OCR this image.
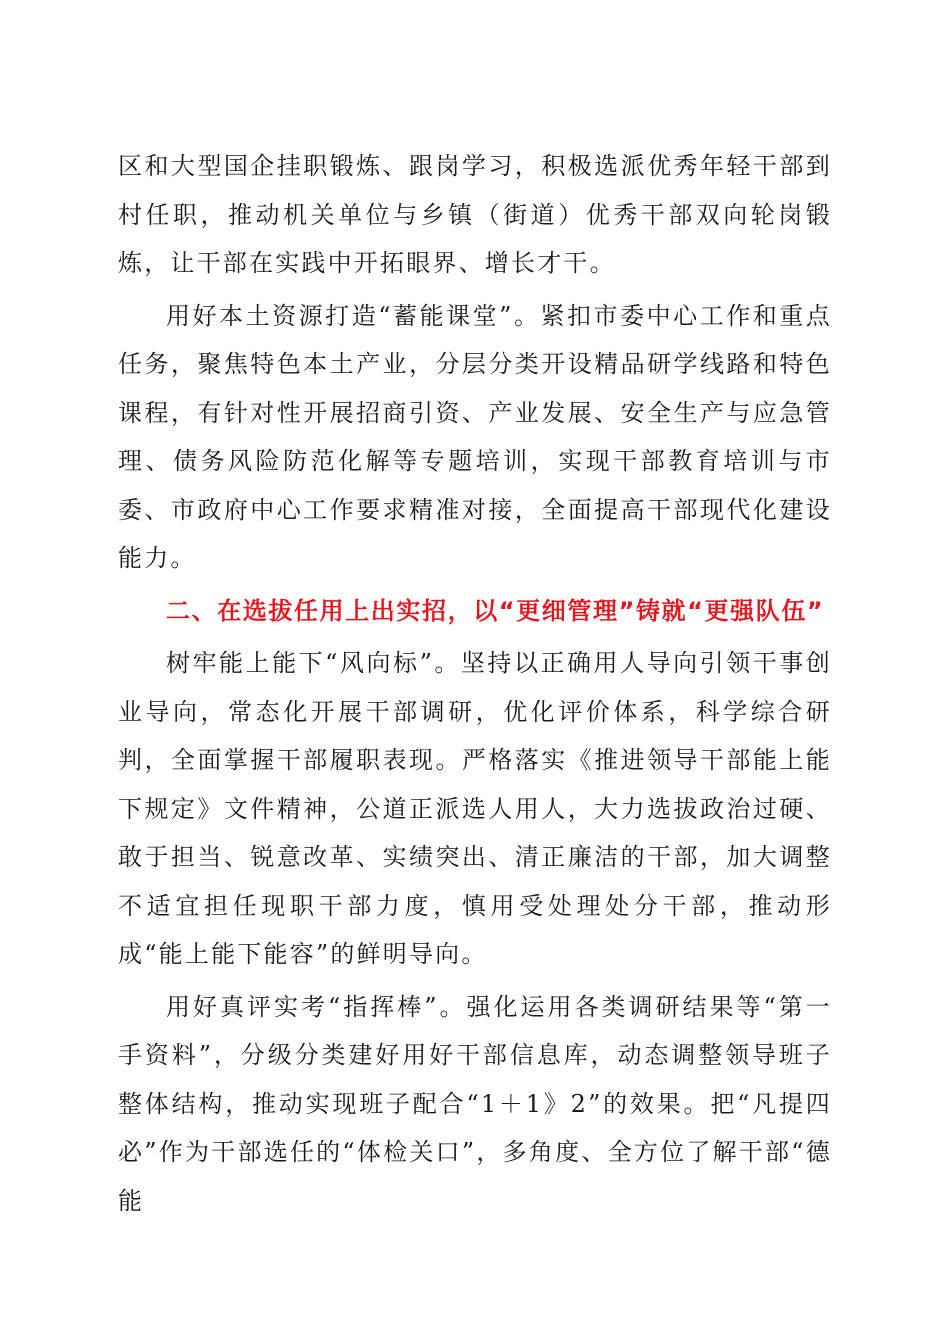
区和大型国企挂职锻炼、跟岗学习，积极选派优秀年轻干部到村任职，推动机关单位与乡镇（街道）优秀干部双向轮岗锻炼，让干部在实践中开拓眼界、增长才干。

用好本土资源打造“蓄能课堂”。紧扣市委中心工作和重点任务，聚焦特色本土产业，分层分类开设精品研学线路和特色课程，有针对性开展招商引资、产业发展、安全生产与应急管理、债务风险防范化解等专题培训，实现干部教育培训与市委、市政府中心工作要求精准对接，全面提高干部现代化建设能力。

二、在选拔任用上出实招，以“更细管理”铸就“更强队伍”

树牢能上能下“风向标”。坚持以正确用人导向引领干事创业导向，常态化开展干部调研，优化评价体系，科学综合研判，全面掌握干部履职表现。严格落实《推进领导干部能上能下规定》文件精神，公道正派选人用人，大力选拔政治过硬、敢于担当、锐意改革、实绩突出、清正廉洁的干部，加大调整不适宜担任现职干部力度，慎用受处理处分干部，推动形成“能上能下能容”的鲜明导向。

用好真评实考“指挥棒”。强化运用各类调研结果等“第一手资料”，分级分类建好用好干部信息库，动态调整领导班子整体结构，推动实现班子配合“1＋1》2”的效果。把“凡提四必”作为干部选任的“体检关口”，多角度、全方位了解干部“德能
